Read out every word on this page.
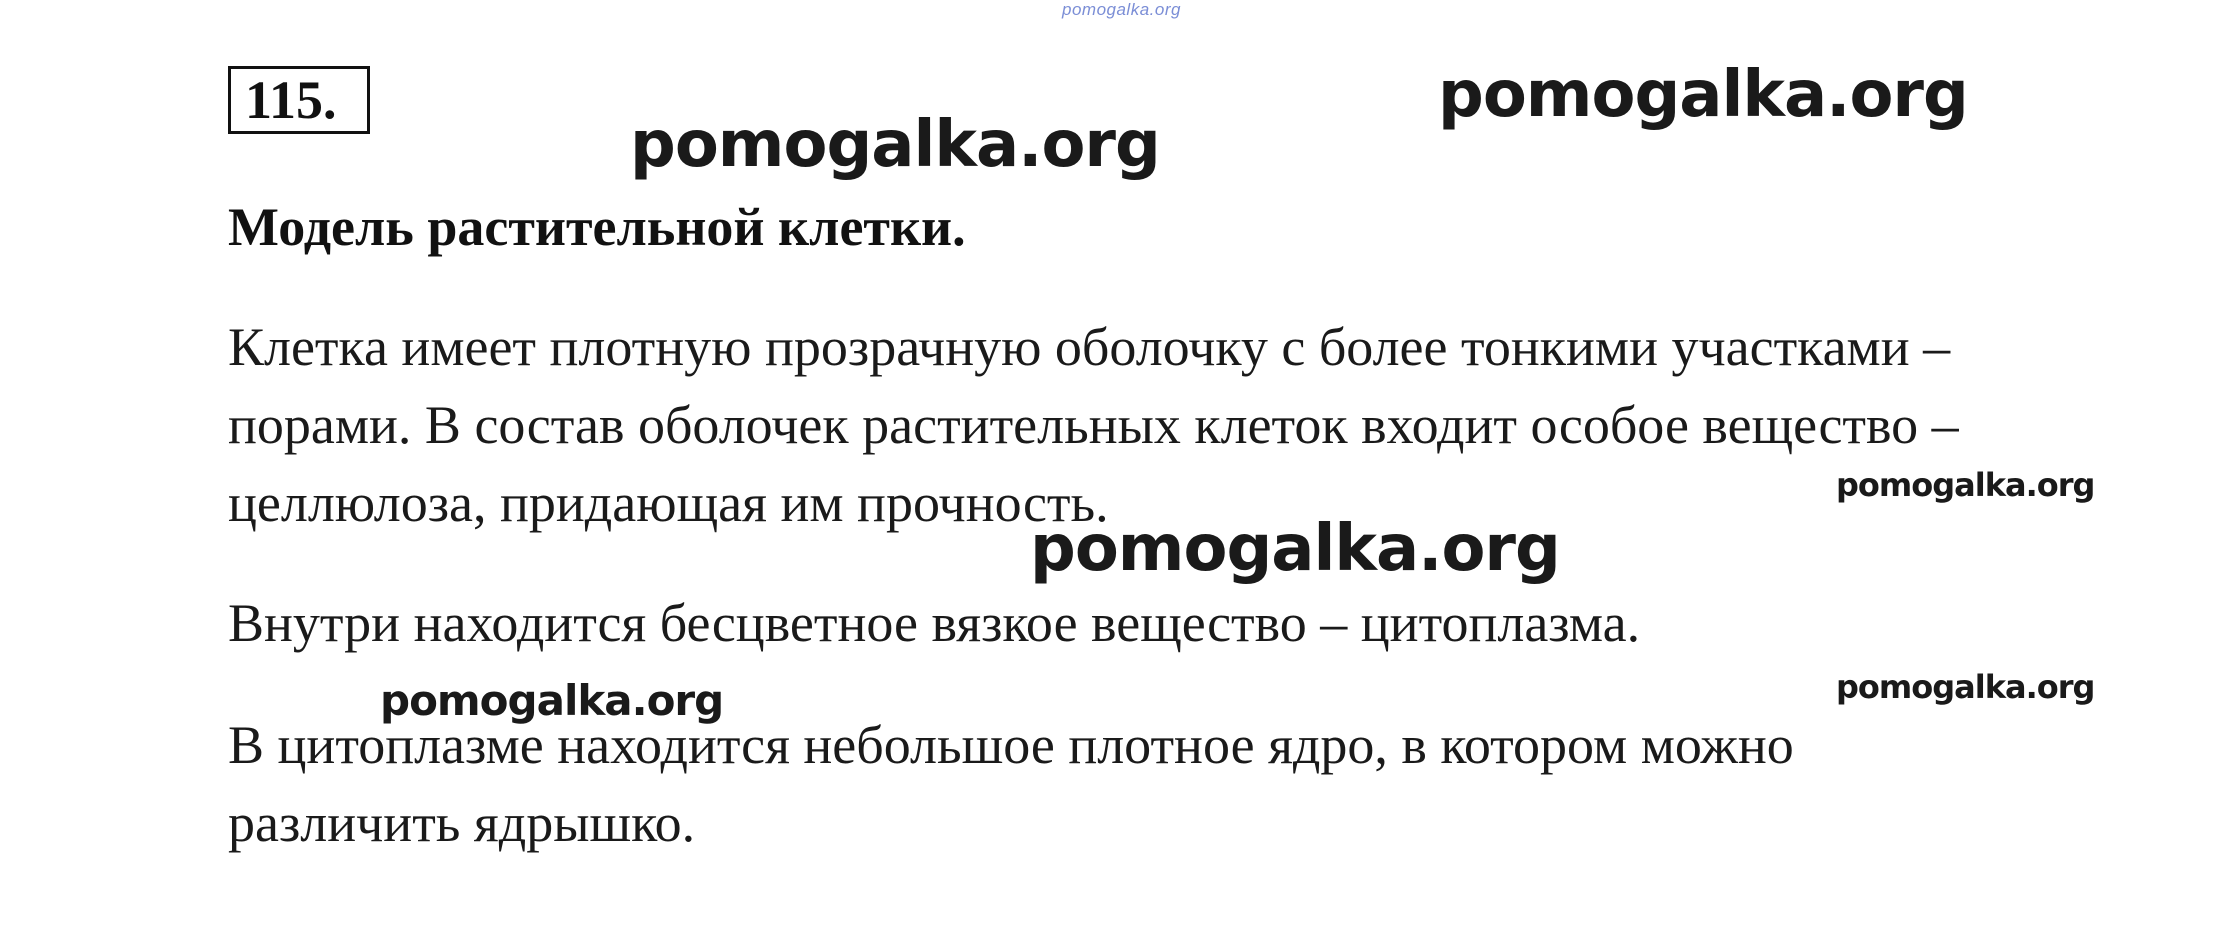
pomogalka.org
115.	pomogalka.org
pomogalka.org
Модель растительной клетки.
Клетка имеет плотную прозрачную оболочку с более тонкими участками –
порами. В состав оболочек растительных клеток входит особое вещество –
целлюлоза, придающая им прочность.	pomogalka.org
pomogalka.org
Внутри находится бесцветное вязкое вещество – цитоплазма.
pomogalka.org
pomogalka.org
В цитоплазме находится небольшое плотное ядро, в котором можно
различить ядрышко.
